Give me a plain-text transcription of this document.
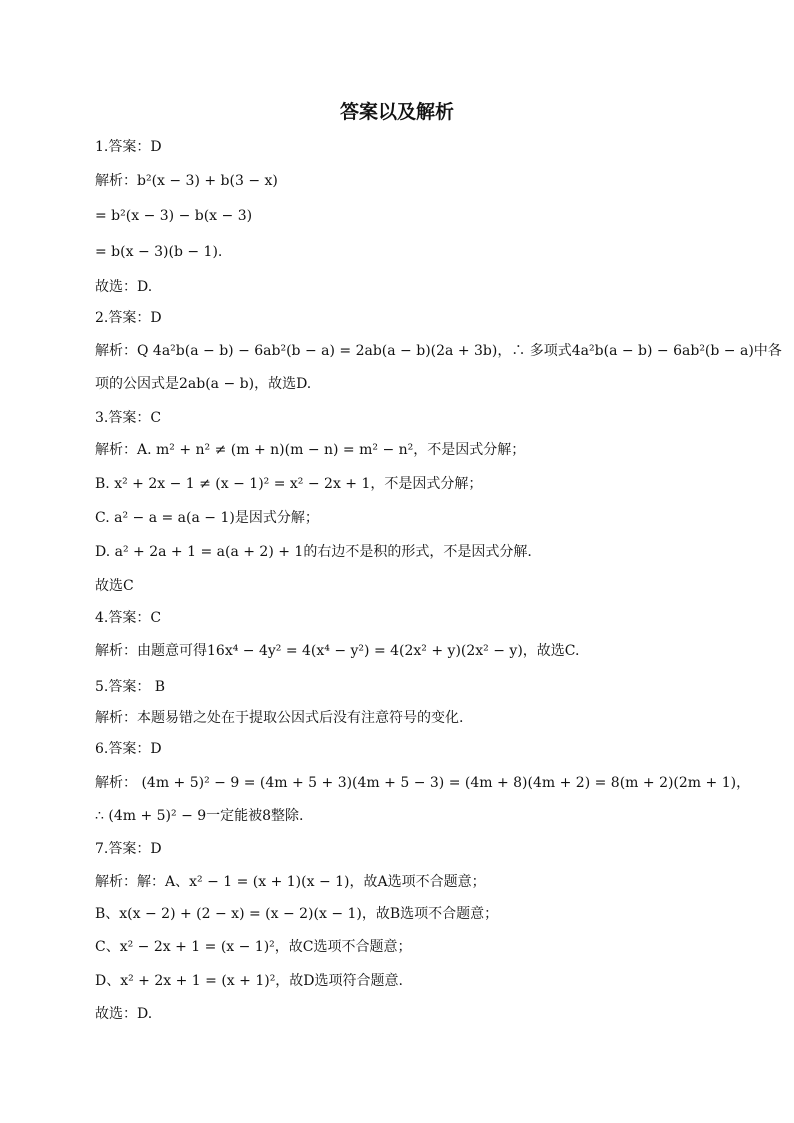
答案以及解析
1.答案：D
解析：b²(x − 3) + b(3 − x)
= b²(x − 3) − b(x − 3)
= b(x − 3)(b − 1).
故选：D.
2.答案：D
解析：Q 4a²b(a − b) − 6ab²(b − a) = 2ab(a − b)(2a + 3b)，∴ 多项式4a²b(a − b) − 6ab²(b − a)中各
项的公因式是2ab(a − b)，故选D.
3.答案：C
解析：A. m² + n² ≠ (m + n)(m − n) = m² − n²，不是因式分解；
B. x² + 2x − 1 ≠ (x − 1)² = x² − 2x + 1，不是因式分解；
C. a² − a = a(a − 1)是因式分解；
D. a² + 2a + 1 = a(a + 2) + 1的右边不是积的形式，不是因式分解.
故选C
4.答案：C
解析：由题意可得16x⁴ − 4y² = 4(x⁴ − y²) = 4(2x² + y)(2x² − y)，故选C.
5.答案： B
解析：本题易错之处在于提取公因式后没有注意符号的变化.
6.答案：D
解析： (4m + 5)² − 9 = (4m + 5 + 3)(4m + 5 − 3) = (4m + 8)(4m + 2) = 8(m + 2)(2m + 1)，
∴ (4m + 5)² − 9一定能被8整除.
7.答案：D
解析：解：A、x² − 1 = (x + 1)(x − 1)，故A选项不合题意；
B、x(x − 2) + (2 − x) = (x − 2)(x − 1)，故B选项不合题意；
C、x² − 2x + 1 = (x − 1)²，故C选项不合题意；
D、x² + 2x + 1 = (x + 1)²，故D选项符合题意.
故选：D.
